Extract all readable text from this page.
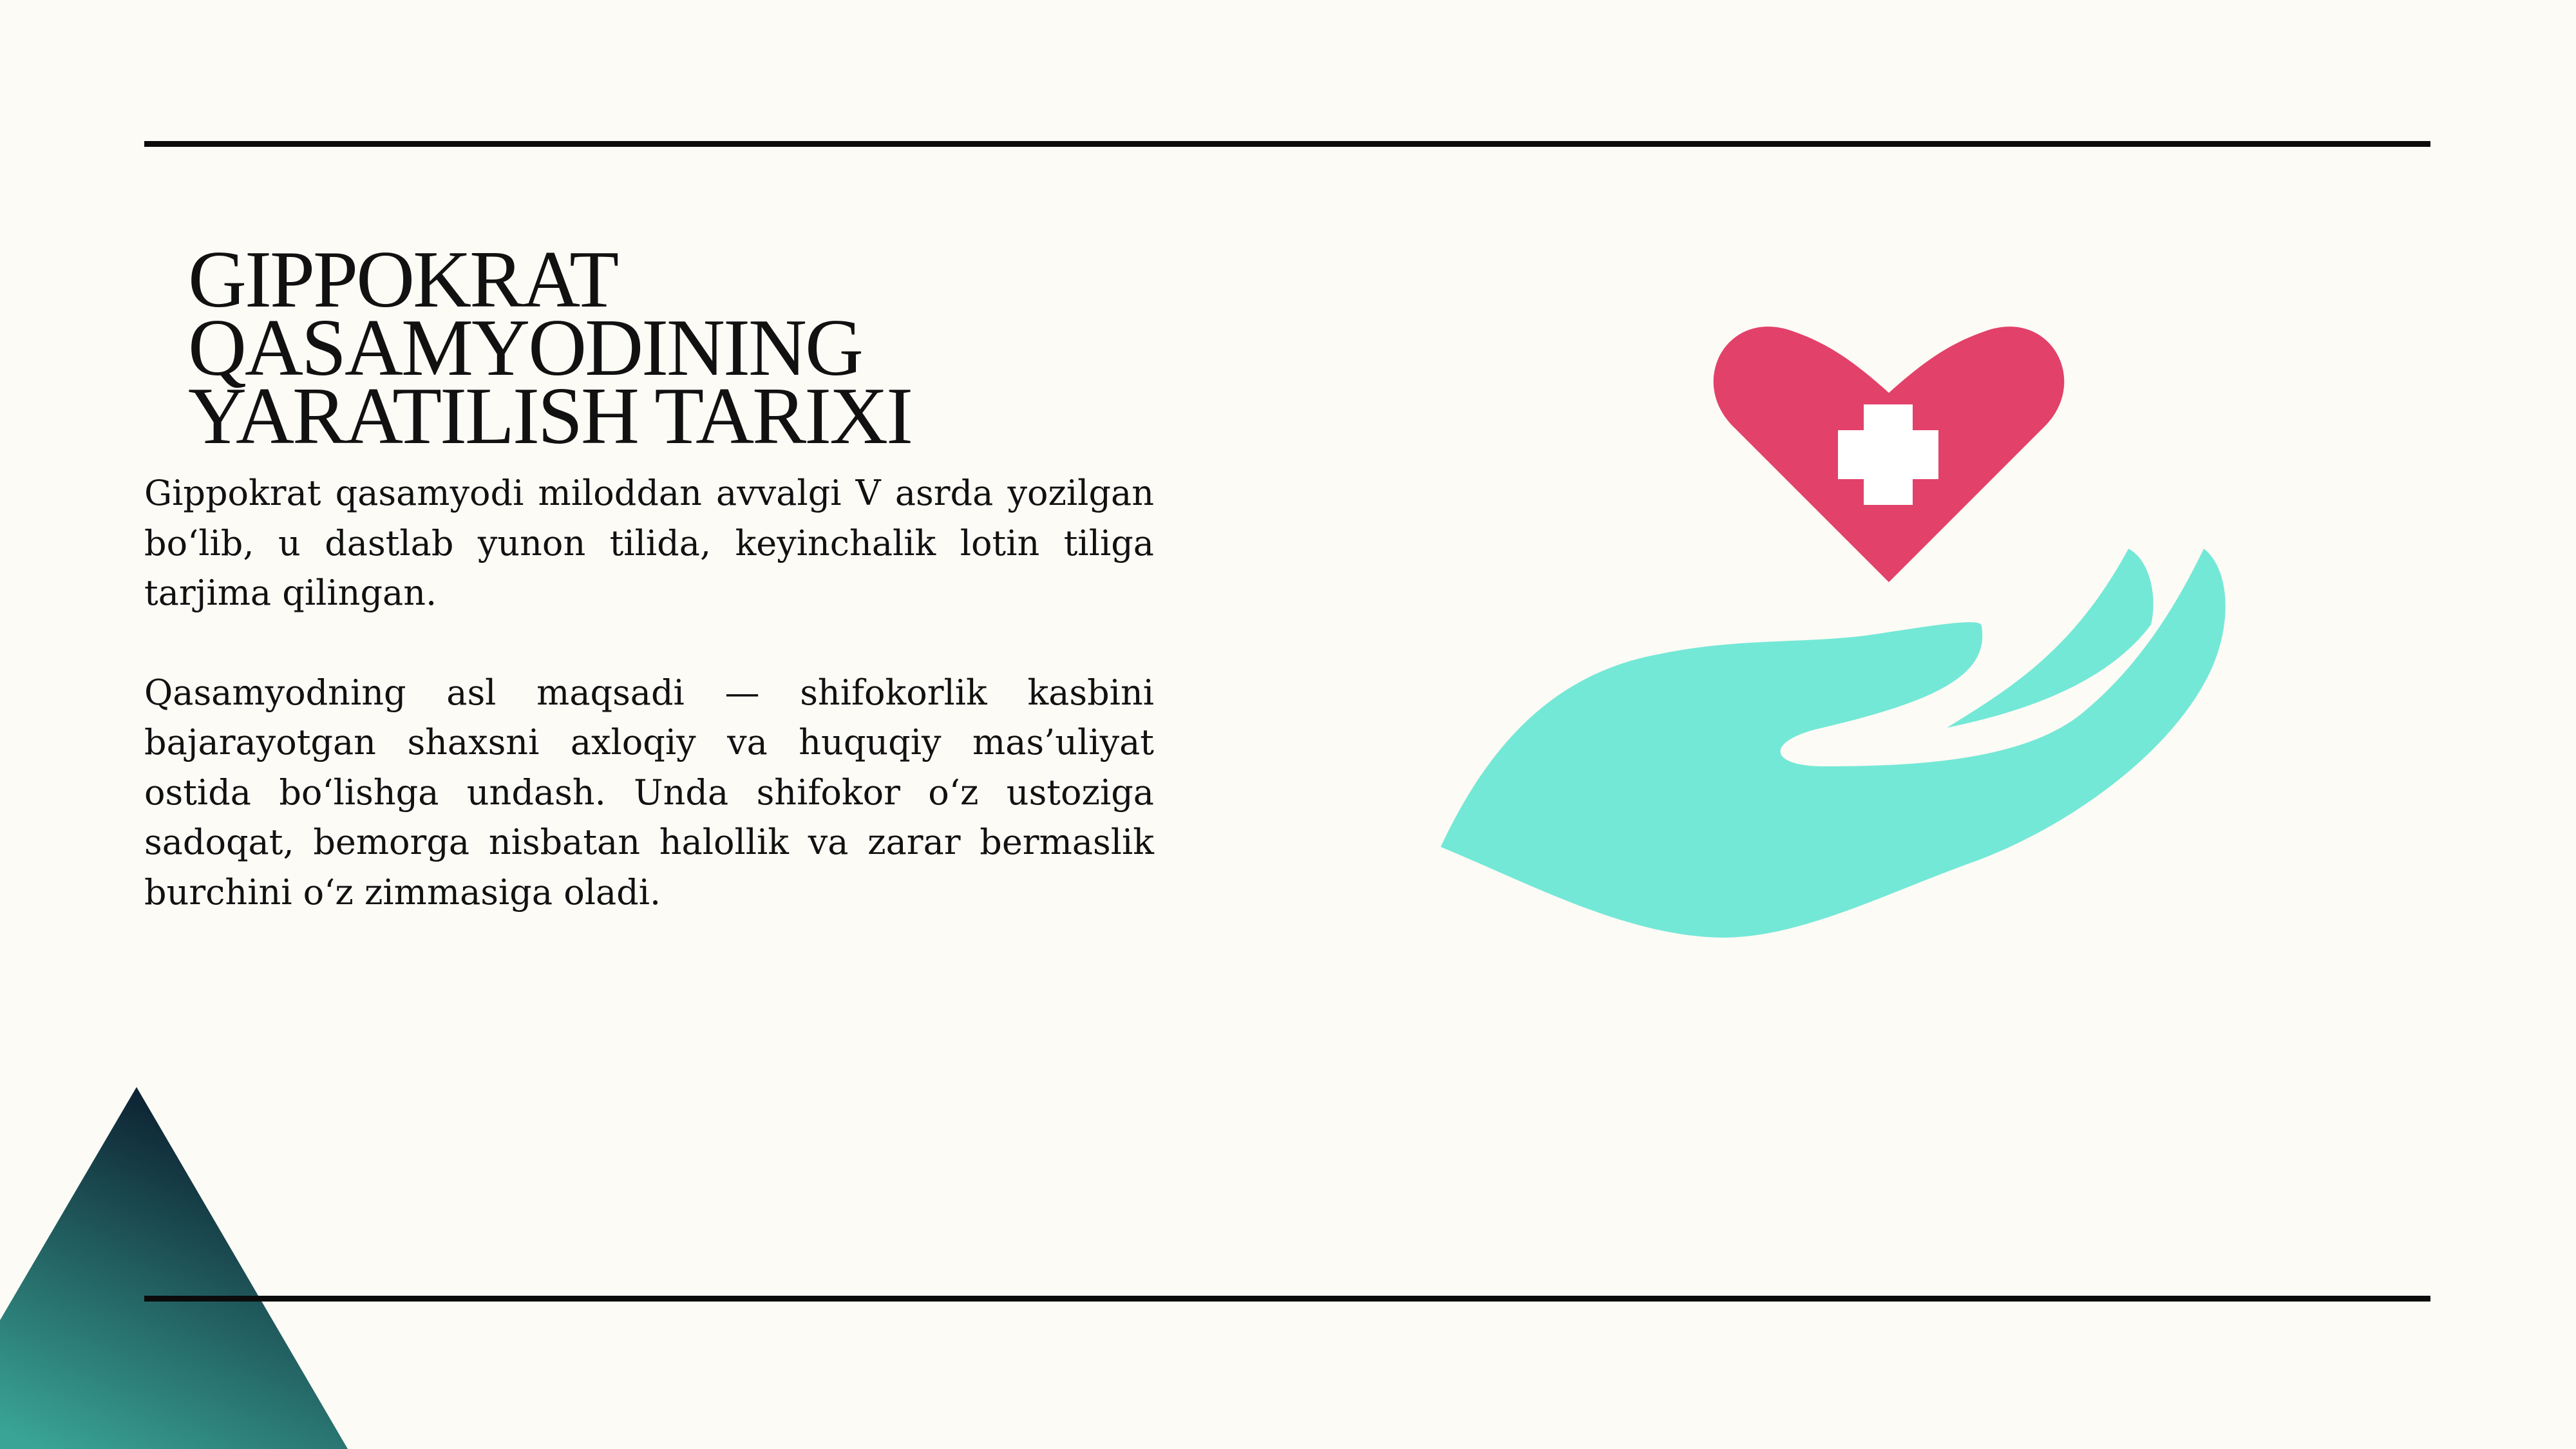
GIPPOKRAT QASAMYODINING YARATILISH TARIXI

Gippokrat qasamyodi miloddan avvalgi V asrda yozilgan bo‘lib, u dastlab yunon tilida, keyinchalik lotin tiliga tarjima qilingan.

Qasamyodning asl maqsadi — shifokorlik kasbini bajarayotgan shaxsni axloqiy va huquqiy mas’uliyat ostida bo‘lishga undash. Unda shifokor o‘z ustoziga sadoqat, bemorga nisbatan halollik va zarar bermaslik burchini o‘z zimmasiga oladi.
